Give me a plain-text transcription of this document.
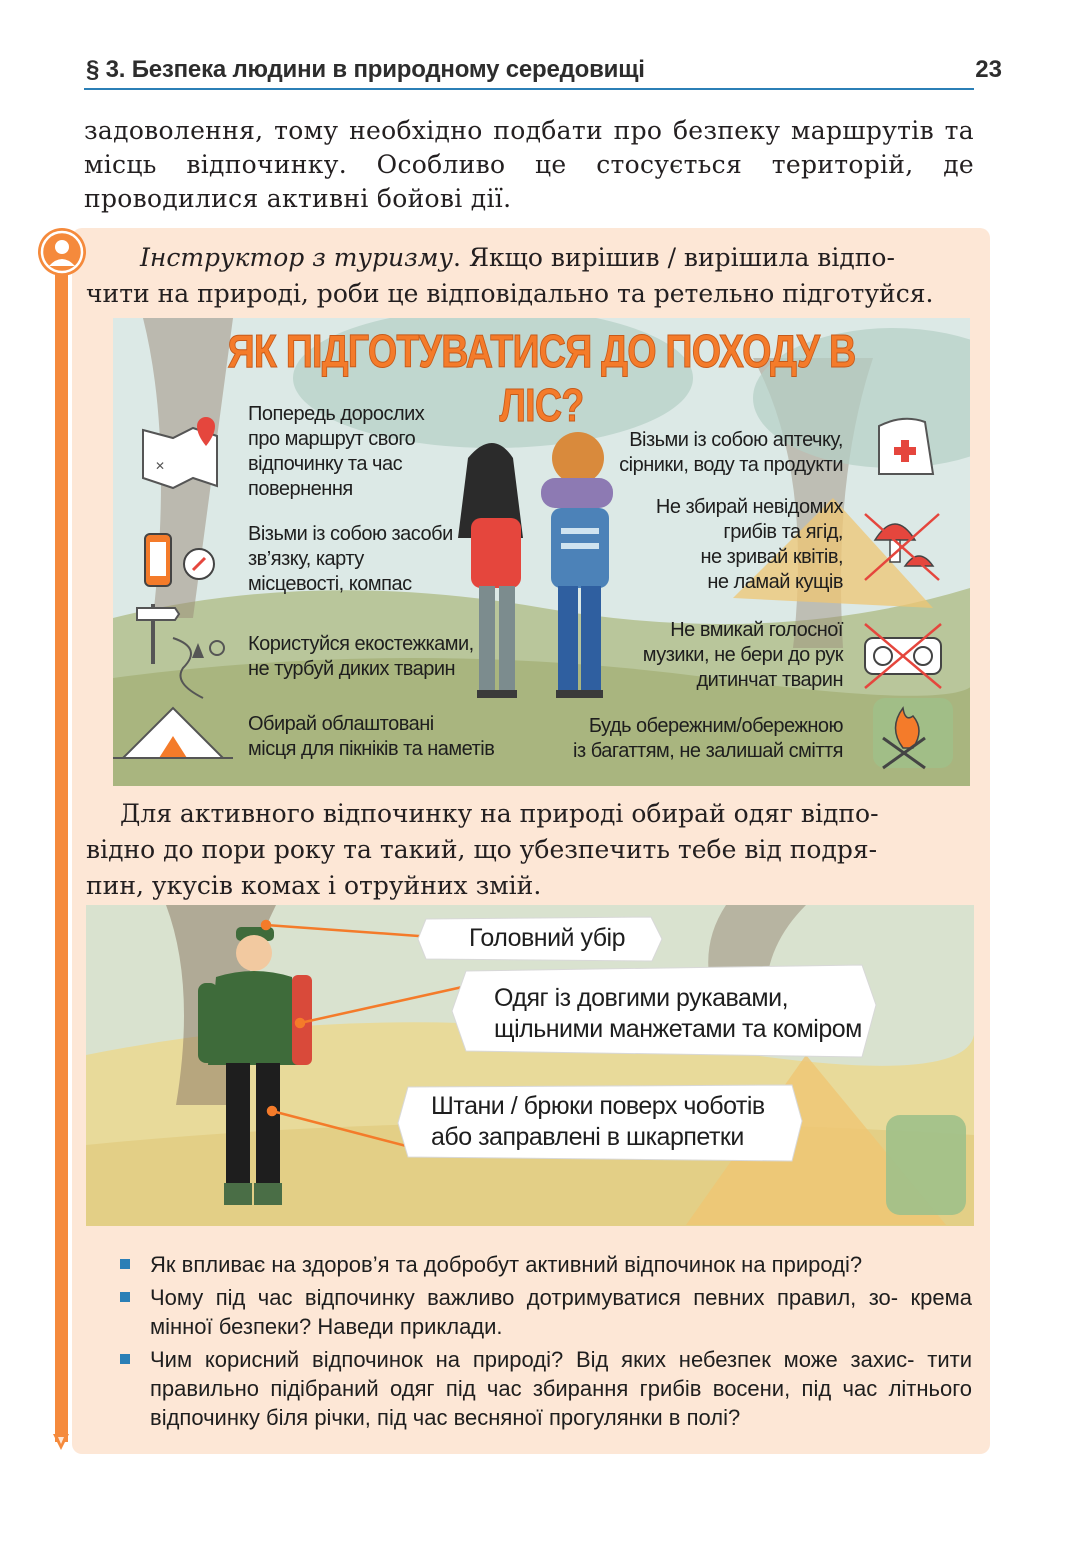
§ 3. Безпека людини в природному середовищі	23
задоволення, тому необхідно подбати про безпеку маршрутів та місць відпочинку. Особливо це стосується територій, де проводилися активні бойові дії.
Інструктор з туризму. Якщо вирішив / вирішила відпо-
чити на природі, роби це відповідально та ретельно підготуйся.
✕
ЯК ПІДГОТУВАТИСЯ ДО ПОХОДУ В ЛІС?
Попередь дорослих
про маршрут свого
відпочинку та час
повернення
Візьми із собою засоби
зв’язку, карту
місцевості, компас
Користуйся екостежками,
не турбуй диких тварин
Обирай облаштовані
місця для пікніків та наметів
Візьми із собою аптечку,
сірники, воду та продукти
Не збирай невідомих
грибів та ягід,
не зривай квітів,
не ламай кущів
Не вмикай голосної
музики, не бери до рук
дитинчат тварин
Будь обережним/обережною
із багаттям, не залишай сміття
Для активного відпочинку на природі обирай одяг відпо-
відно до пори року та такий, що убезпечить тебе від подря-
пин, укусів комах і отруйних змій.
Головний убір
Одяг із довгими рукавами,
щільними манжетами та коміром
Штани / брюки поверх чоботів
або заправлені в шкарпетки
Як впливає на здоров’я та добробут активний відпочинок на природі?
Чому під час відпочинку важливо дотримуватися певних правил, зо- крема мінної безпеки? Наведи приклади.
Чим корисний відпочинок на природі? Від яких небезпек може захис- тити правильно підібраний одяг під час збирання грибів восени, під час літнього відпочинку біля річки, під час весняної прогулянки в полі?
